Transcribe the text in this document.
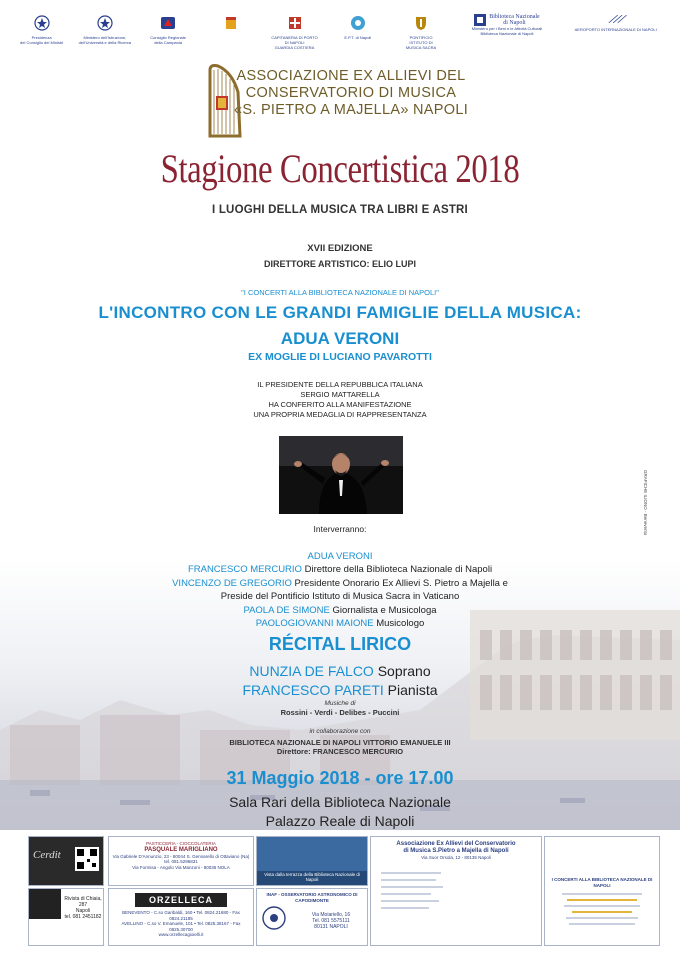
Presidenza
del Consiglio dei Ministri
Ministero dell'Istruzione,
dell'Università e della Ricerca
Consiglio Regionale
della Campania
CAPITANERIA DI PORTO
DI NAPOLI
GUARDIA COSTIERA
E.P.T. di Napoli	PONTIFICIO
ISTITUTO DI
MUSICA SACRA
Biblioteca Nazionale
di Napoli
Ministero per i Beni e le Attività Culturali
Biblioteca Nazionale di Napoli
AEROPORTO INTERNAZIONALE DI NAPOLI
ASSOCIAZIONE EX ALLIEVI DEL
CONSERVATORIO DI MUSICA
«S. PIETRO A MAJELLA» NAPOLI
Stagione Concertistica 2018
I LUOGHI DELLA MUSICA TRA LIBRI E ASTRI
XVII EDIZIONE
DIRETTORE ARTISTICO: ELIO LUPI
"I CONCERTI ALLA BIBLIOTECA NAZIONALE DI NAPOLI"
L'INCONTRO CON LE GRANDI FAMIGLIE DELLA MUSICA:
ADUA VERONI
EX MOGLIE DI LUCIANO PAVAROTTI
IL PRESIDENTE DELLA REPUBBLICA ITALIANA
SERGIO MATTARELLA
HA CONFERITO ALLA MANIFESTAZIONE
UNA PROPRIA MEDAGLIA DI RAPPRESENTANZA
Interverranno:
ADUA VERONI
FRANCESCO MERCURIO Direttore della Biblioteca Nazionale di Napoli
VINCENZO DE GREGORIO Presidente Onorario Ex Allievi S. Pietro a Majella e
Preside del Pontificio Istituto di Musica Sacra in Vaticano
PAOLA DE SIMONE Giornalista e Musicologa
PAOLOGIOVANNI MAIONE Musicologo
RÉCITAL LIRICO
NUNZIA DE FALCO Soprano
FRANCESCO PARETI Pianista
Musiche di
Rossini - Verdi - Delibes - Puccini
in collaborazione con
BIBLIOTECA NAZIONALE DI NAPOLI VITTORIO EMANUELE III
Direttore: FRANCESCO MERCURIO
31 Maggio 2018 - ore 17.00
Sala Rari della Biblioteca Nazionale
Palazzo Reale di Napoli
GRAFICHE ILIONO - Benevento
Cerdit
Rivista di Chiaia, 287
Napoli
tel. 081 2451182
PASTICCERIA - CIOCCOLATERIA
PASQUALE MARIGLIANO
Via Gabriele D'Annunzio, 23 - 80044 S. Gennarello di Ottaviano (Na)
tel. 081.5296831
Via Formisa - Angolo Via Manzoni - 80035 NOLA
ORZELLECA
BENEVENTO - C.so Garibaldi, 160 • Tel. 0824.21680 - Fax 0824.21185
AVELLINO - C.so V. Emanuele, 101 • Tel. 0825.38167 - Fax 0825.30700
www.orzellecagioielli.it
Vista dalla terrazza della Biblioteca Nazionale di Napoli
INAF - OSSERVATORIO ASTRONOMICO DI CAPODIMONTE
Via Moiariello, 16
Tel. 081 5575111
80131 NAPOLI
Associazione Ex Allievi del Conservatorio
di Musica S.Pietro a Majella di Napoli
Via Suor Orsola, 12 - 80135 Napoli
I CONCERTI ALLA BIBLIOTECA NAZIONALE DI NAPOLI
